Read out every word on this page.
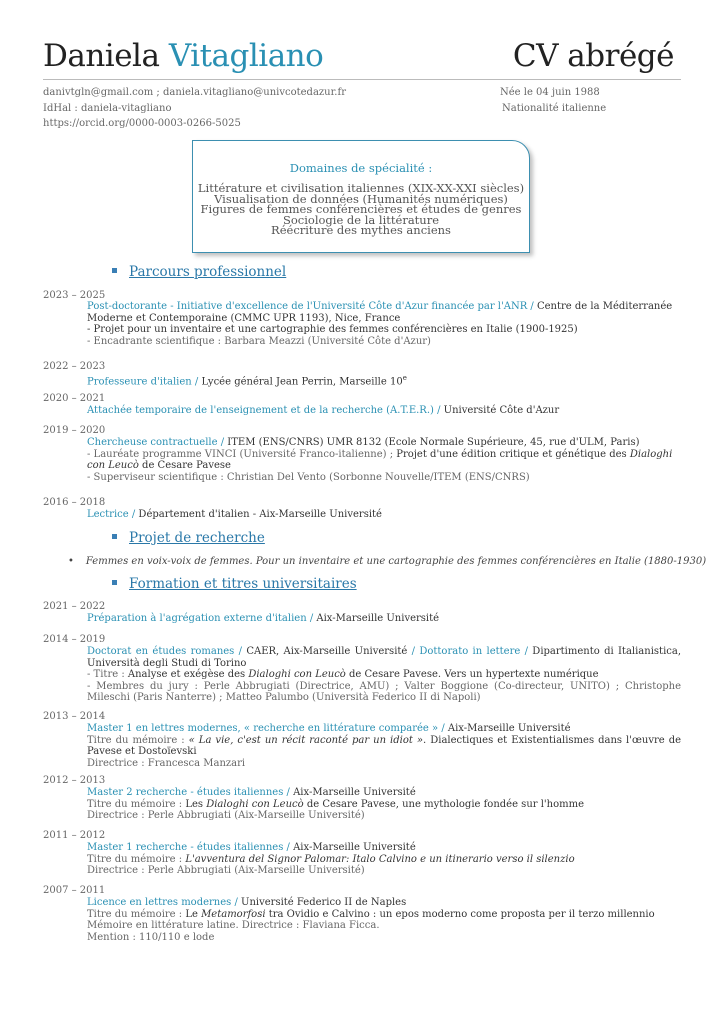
Daniela Vitagliano	CV abrégé
danivtgln@gmail.com ; daniela.vitagliano@univcotedazur.fr
IdHal : daniela-vitagliano
https://orcid.org/0000-0003-0266-5025
Née le 04 juin 1988
Nationalité italienne
Domaines de spécialité :
Littérature et civilisation italiennes (XIX-XX-XXI siècles)
Visualisation de données (Humanités numériques)
Figures de femmes conférencières et études de genres
Sociologie de la littérature
Réécriture des mythes anciens
Parcours professionnel
2023 – 2025
Post-doctorante - Initiative d'excellence de l'Université Côte d'Azur financée par l'ANR / Centre de la Méditerranée Moderne et Contemporaine (CMMC UPR 1193), Nice, France
- Projet pour un inventaire et une cartographie des femmes conférencières en Italie (1900-1925)
- Encadrante scientifique : Barbara Meazzi (Université Côte d'Azur)
2022 – 2023
Professeure d'italien / Lycée général Jean Perrin, Marseille 10e
2020 – 2021
Attachée temporaire de l'enseignement et de la recherche (A.T.E.R.) / Université Côte d'Azur
2019 – 2020
Chercheuse contractuelle / ITEM (ENS/CNRS) UMR 8132 (Ecole Normale Supérieure, 45, rue d'ULM, Paris)
- Lauréate programme VINCI (Université Franco-italienne) ; Projet d'une édition critique et génétique des Dialoghi con Leucò de Cesare Pavese
- Superviseur scientifique : Christian Del Vento (Sorbonne Nouvelle/ITEM (ENS/CNRS)
2016 – 2018
Lectrice / Département d'italien - Aix-Marseille Université
Projet de recherche
• Femmes en voix-voix de femmes. Pour un inventaire et une cartographie des femmes conférencières en Italie (1880-1930)
Formation et titres universitaires
2021 – 2022
Préparation à l'agrégation externe d'italien / Aix-Marseille Université
2014 – 2019
Doctorat en études romanes / CAER, Aix-Marseille Université / Dottorato in lettere / Dipartimento di Italianistica, Università degli Studi di Torino
- Titre : Analyse et exégèse des Dialoghi con Leucò de Cesare Pavese. Vers un hypertexte numérique
- Membres du jury : Perle Abbrugiati (Directrice, AMU) ; Valter Boggione (Co-directeur, UNITO) ; Christophe Mileschi (Paris Nanterre) ; Matteo Palumbo (Università Federico II di Napoli)
2013 – 2014
Master 1 en lettres modernes, « recherche en littérature comparée » / Aix-Marseille Université
Titre du mémoire : « La vie, c'est un récit raconté par un idiot ». Dialectiques et Existentialismes dans l'œuvre de Pavese et Dostoïevski
Directrice : Francesca Manzari
2012 – 2013
Master 2 recherche - études italiennes / Aix-Marseille Université
Titre du mémoire : Les Dialoghi con Leucò de Cesare Pavese, une mythologie fondée sur l'homme
Directrice : Perle Abbrugiati (Aix-Marseille Université)
2011 – 2012
Master 1 recherche - études italiennes / Aix-Marseille Université
Titre du mémoire : L'avventura del Signor Palomar: Italo Calvino e un itinerario verso il silenzio
Directrice : Perle Abbrugiati (Aix-Marseille Université)
2007 – 2011
Licence en lettres modernes / Université Federico II de Naples
Titre du mémoire : Le Metamorfosi tra Ovidio e Calvino : un epos moderno come proposta per il terzo millennio
Mémoire en littérature latine. Directrice : Flaviana Ficca.
Mention : 110/110 e lode
